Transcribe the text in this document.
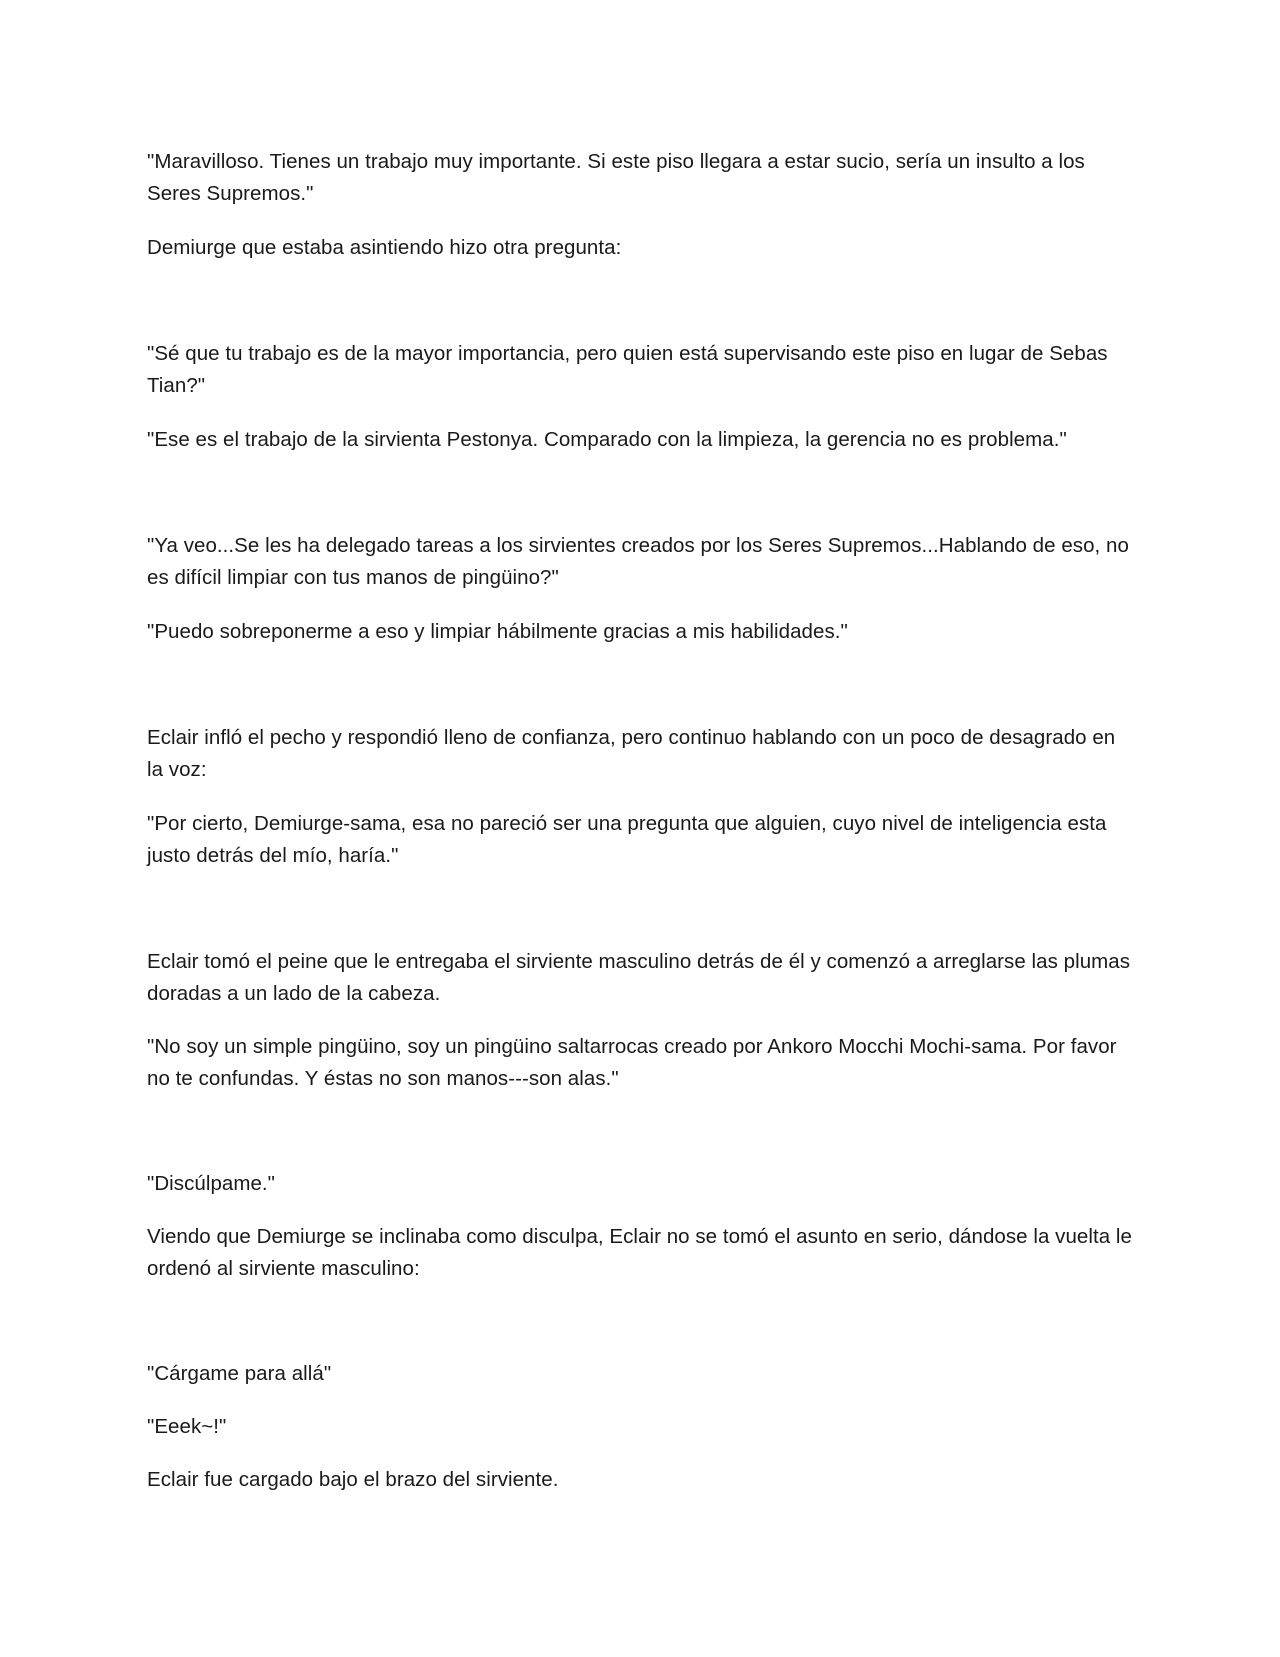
"Maravilloso. Tienes un trabajo muy importante. Si este piso llegara a estar sucio, sería un insulto a los Seres Supremos."

Demiurge que estaba asintiendo hizo otra pregunta:

"Sé que tu trabajo es de la mayor importancia, pero quien está supervisando este piso en lugar de Sebas Tian?"

"Ese es el trabajo de la sirvienta Pestonya. Comparado con la limpieza, la gerencia no es problema."

"Ya veo...Se les ha delegado tareas a los sirvientes creados por los Seres Supremos...Hablando de eso, no es difícil limpiar con tus manos de pingüino?"

"Puedo sobreponerme a eso y limpiar hábilmente gracias a mis habilidades."

Eclair infló el pecho y respondió lleno de confianza, pero continuo hablando con un poco de desagrado en la voz:

"Por cierto, Demiurge-sama, esa no pareció ser una pregunta que alguien, cuyo nivel de inteligencia esta justo detrás del mío, haría."

Eclair tomó el peine que le entregaba el sirviente masculino detrás de él y comenzó a arreglarse las plumas doradas a un lado de la cabeza.

"No soy un simple pingüino, soy un pingüino saltarrocas creado por Ankoro Mocchi Mochi-sama. Por favor no te confundas. Y éstas no son manos---son alas."

"Discúlpame."

Viendo que Demiurge se inclinaba como disculpa, Eclair no se tomó el asunto en serio, dándose la vuelta le ordenó al sirviente masculino:

"Cárgame para allá"

"Eeek~!"

Eclair fue cargado bajo el brazo del sirviente.
